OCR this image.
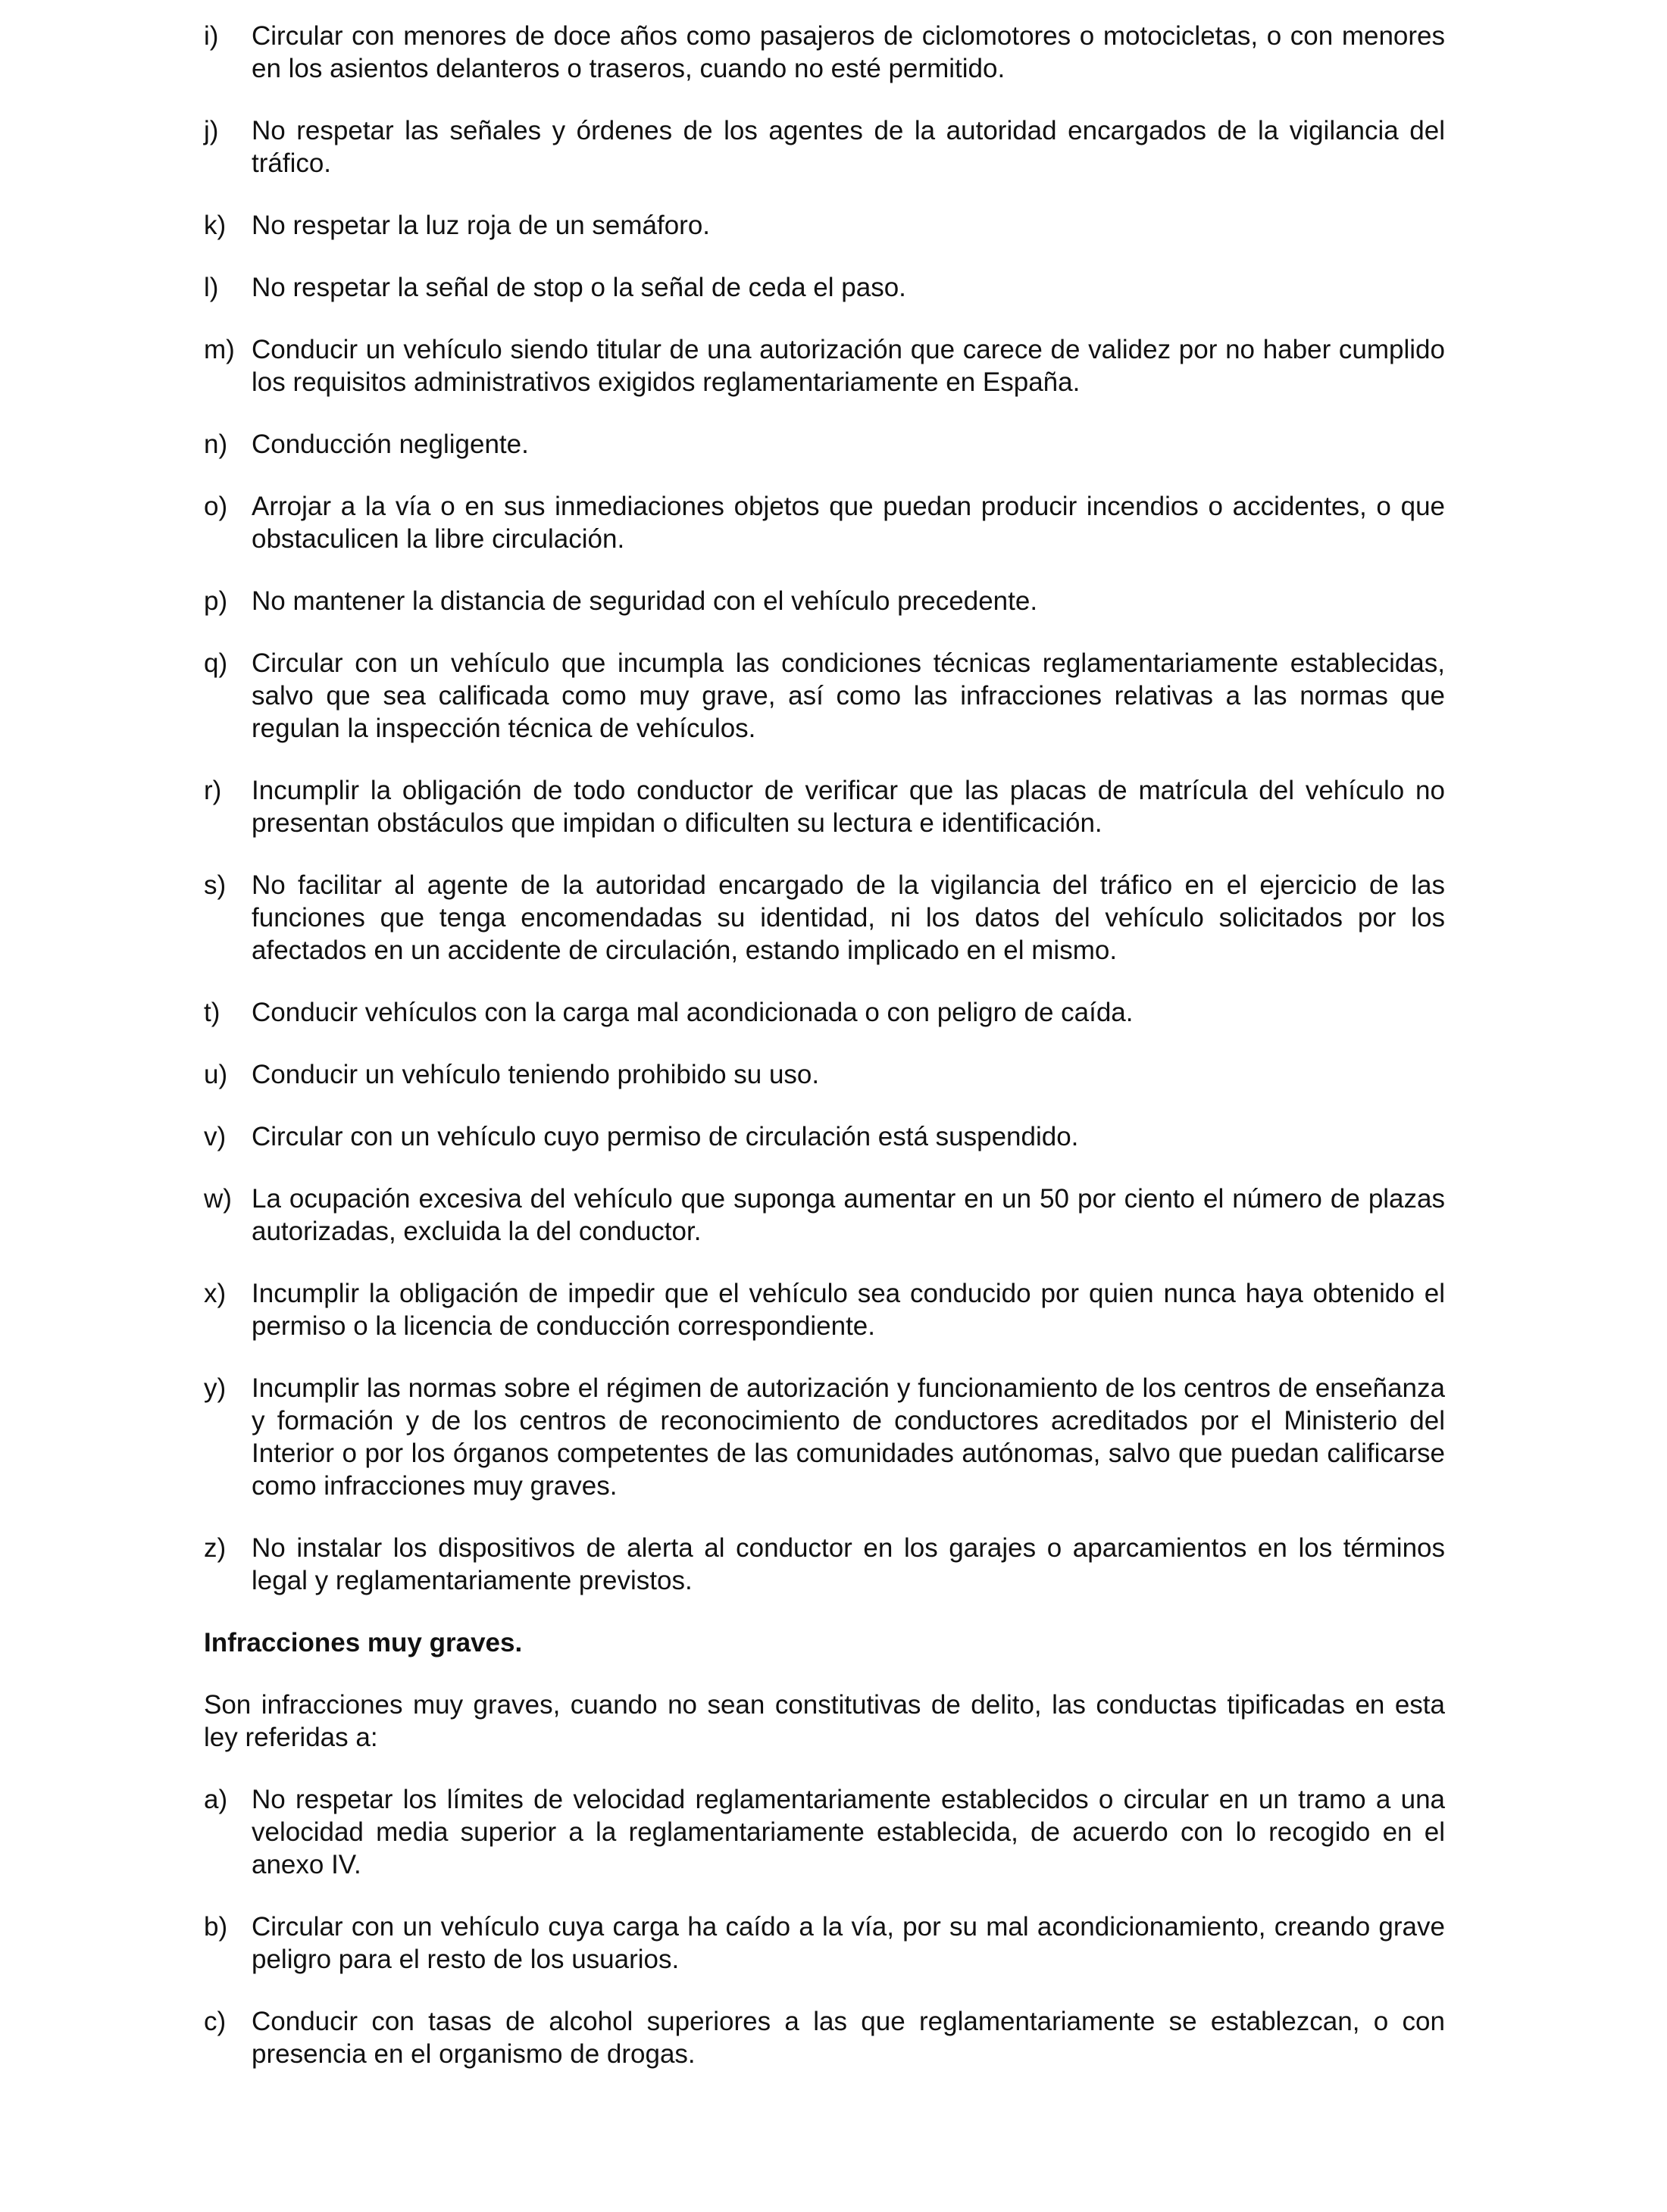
i)	Circular con menores de doce años como pasajeros de ciclomotores o motocicletas, o con menores en los asientos delanteros o traseros, cuando no esté permitido.
j)	No respetar las señales y órdenes de los agentes de la autoridad encargados de la vigilancia del tráfico.
k) No respetar la luz roja de un semáforo.
l)	No respetar la señal de stop o la señal de ceda el paso.
m) Conducir un vehículo siendo titular de una autorización que carece de validez por no haber cumplido los requisitos administrativos exigidos reglamentariamente en España.
n) Conducción negligente.
o) Arrojar a la vía o en sus inmediaciones objetos que puedan producir incendios o accidentes, o que obstaculicen la libre circulación.
p) No mantener la distancia de seguridad con el vehículo precedente.
q) Circular con un vehículo que incumpla las condiciones técnicas reglamentariamente establecidas, salvo que sea calificada como muy grave, así como las infracciones relativas a las normas que regulan la inspección técnica de vehículos.
r)	Incumplir la obligación de todo conductor de verificar que las placas de matrícula del vehículo no presentan obstáculos que impidan o dificulten su lectura e identificación.
s) No facilitar al agente de la autoridad encargado de la vigilancia del tráfico en el ejercicio de las funciones que tenga encomendadas su identidad, ni los datos del vehículo solicitados por los afectados en un accidente de circulación, estando implicado en el mismo.
t)	Conducir vehículos con la carga mal acondicionada o con peligro de caída.
u) Conducir un vehículo teniendo prohibido su uso.
v) Circular con un vehículo cuyo permiso de circulación está suspendido.
w) La ocupación excesiva del vehículo que suponga aumentar en un 50 por ciento el número de plazas autorizadas, excluida la del conductor.
x) Incumplir la obligación de impedir que el vehículo sea conducido por quien nunca haya obtenido el permiso o la licencia de conducción correspondiente.
y) Incumplir las normas sobre el régimen de autorización y funcionamiento de los centros de enseñanza y formación y de los centros de reconocimiento de conductores acreditados por el Ministerio del Interior o por los órganos competentes de las comunidades autónomas, salvo que puedan calificarse como infracciones muy graves.
z) No instalar los dispositivos de alerta al conductor en los garajes o aparcamientos en los términos legal y reglamentariamente previstos.
Infracciones muy graves.
Son infracciones muy graves, cuando no sean constitutivas de delito, las conductas tipificadas en esta ley referidas a:
a) No respetar los límites de velocidad reglamentariamente establecidos o circular en un tramo a una velocidad media superior a la reglamentariamente establecida, de acuerdo con lo recogido en el anexo IV.
b) Circular con un vehículo cuya carga ha caído a la vía, por su mal acondicionamiento, creando grave peligro para el resto de los usuarios.
c) Conducir con tasas de alcohol superiores a las que reglamentariamente se establezcan, o con presencia en el organismo de drogas.
